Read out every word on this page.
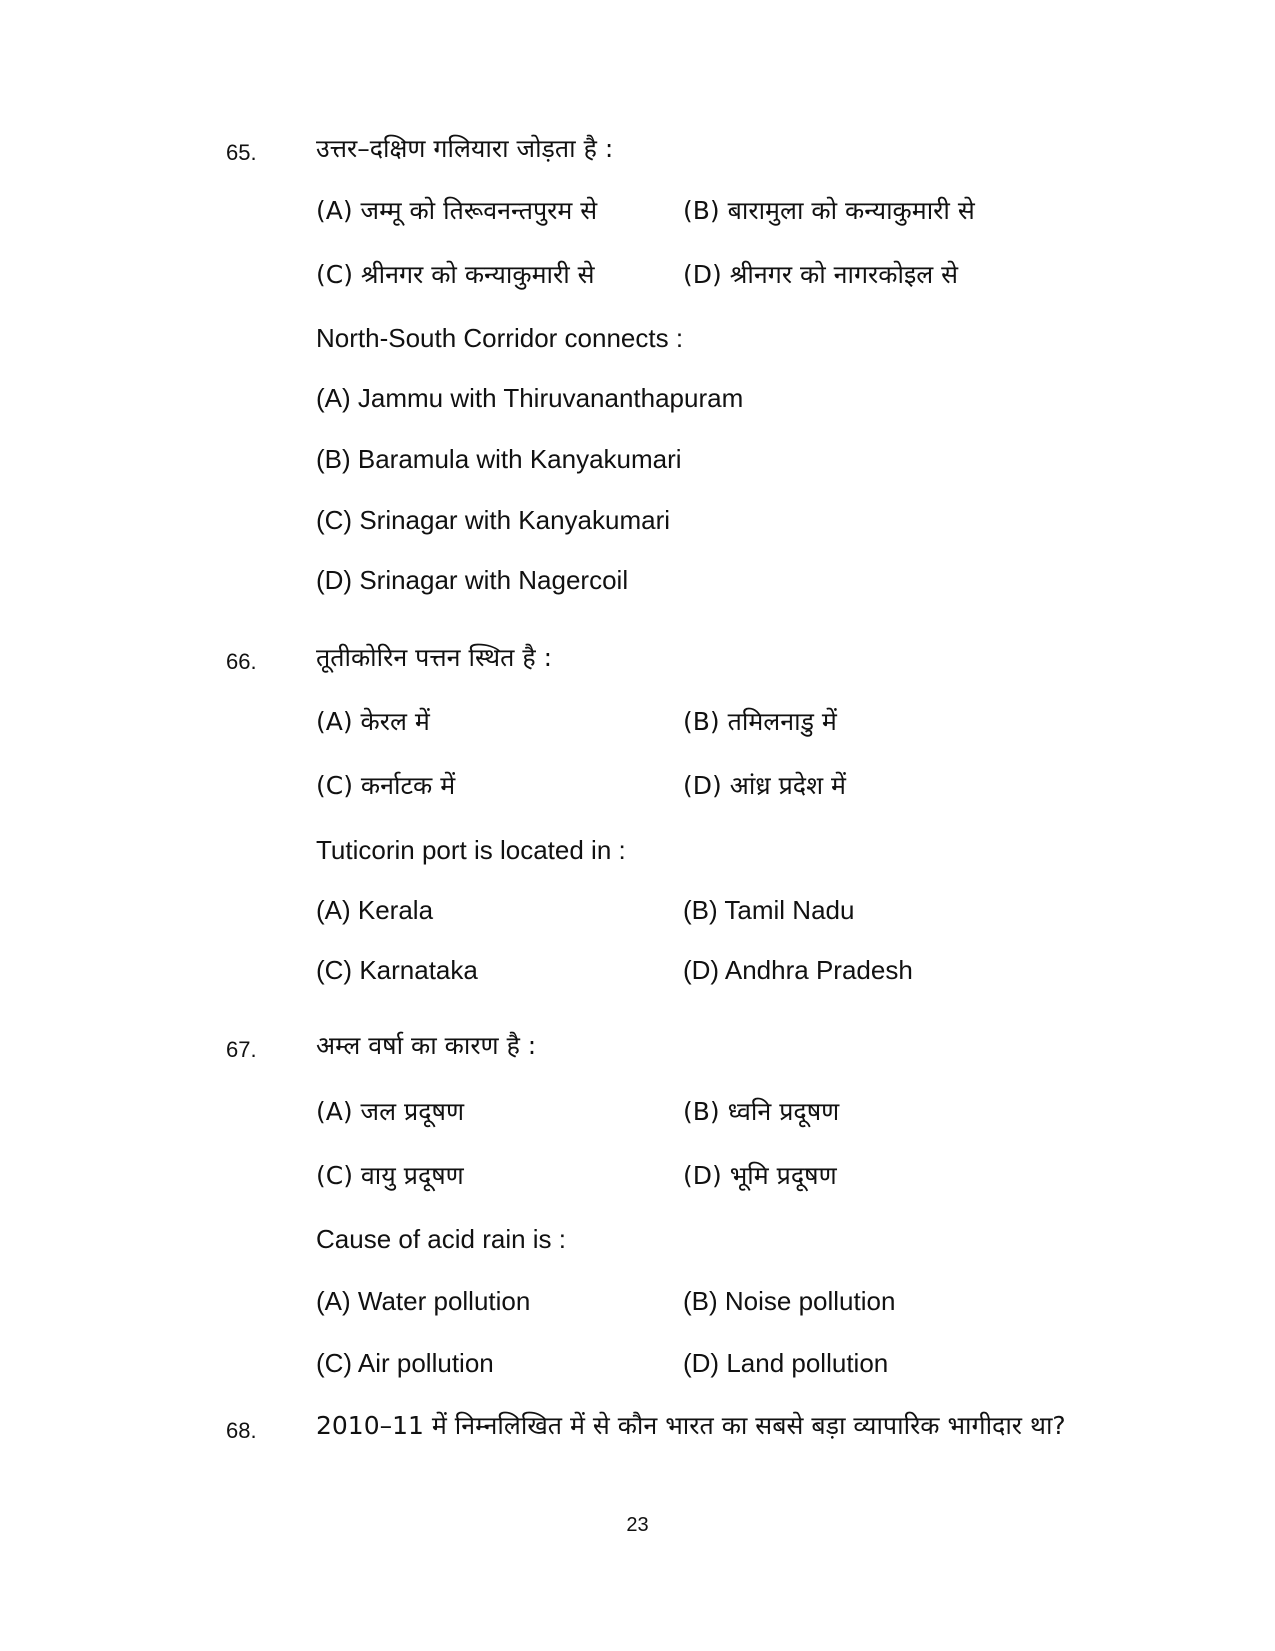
65. उत्तर–दक्षिण गलियारा जोड़ता है :
(A) जम्मू को तिरूवनन्तपुरम से	(B) बारामुला को कन्याकुमारी से
(C) श्रीनगर को कन्याकुमारी से	(D) श्रीनगर को नागरकोइल से
North-South Corridor connects :
(A) Jammu with Thiruvananthapuram
(B) Baramula with Kanyakumari
(C) Srinagar with Kanyakumari
(D) Srinagar with Nagercoil
66. तूतीकोरिन पत्तन स्थित है :
(A) केरल में	(B) तमिलनाडु में
(C) कर्नाटक में	(D) आंध्र प्रदेश में
Tuticorin port is located in :
(A) Kerala	(B) Tamil Nadu
(C) Karnataka	(D) Andhra Pradesh
67. अम्ल वर्षा का कारण है :
(A) जल प्रदूषण	(B) ध्वनि प्रदूषण
(C) वायु प्रदूषण	(D) भूमि प्रदूषण
Cause of acid rain is :
(A) Water pollution	(B) Noise pollution
(C) Air pollution	(D) Land pollution
68. 2010–11 में निम्नलिखित में से कौन भारत का सबसे बड़ा व्यापारिक भागीदार था?
23
